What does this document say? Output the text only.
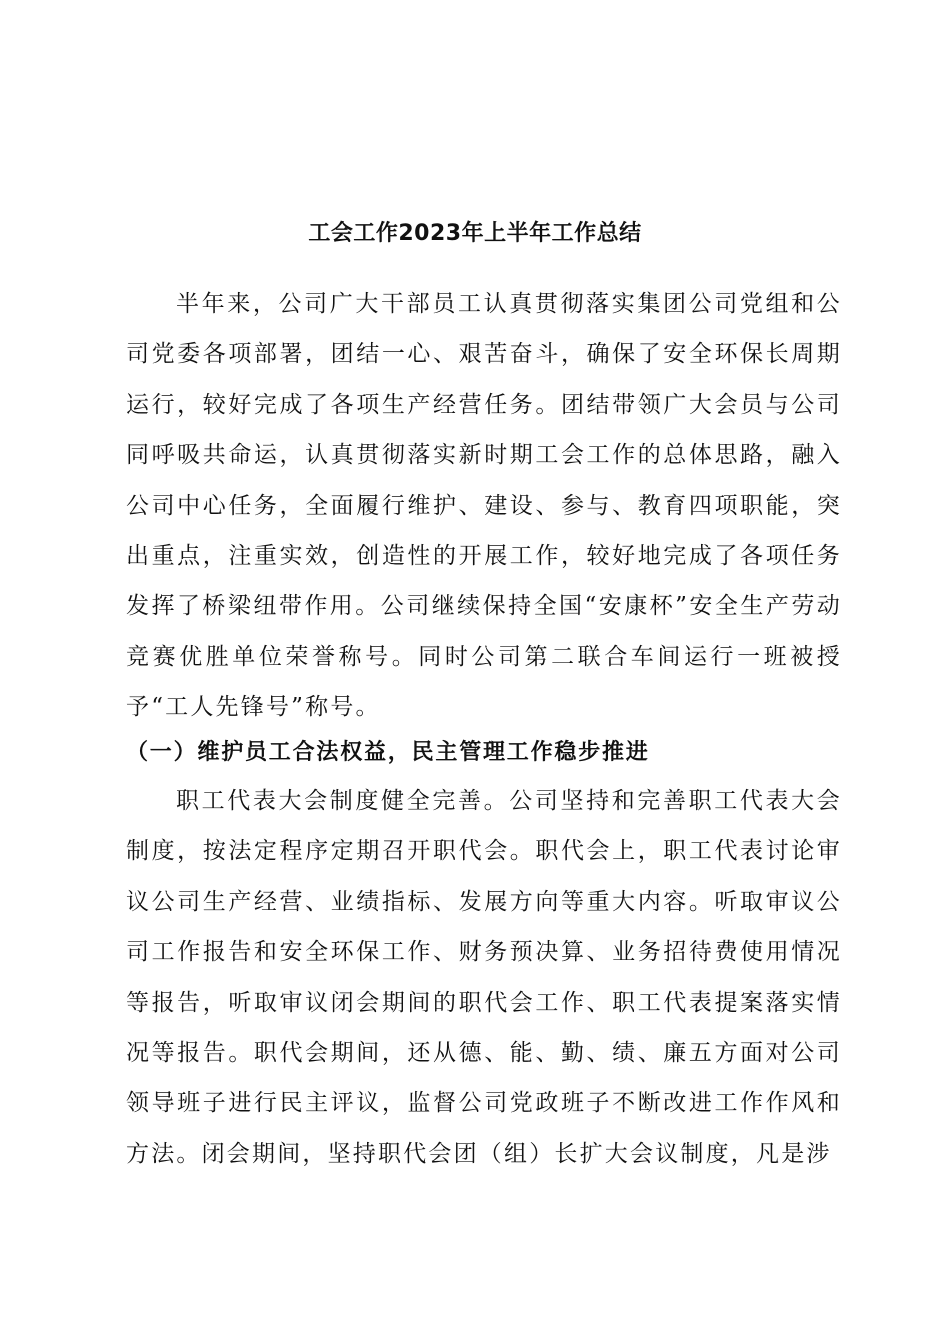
工会工作2023年上半年工作总结

半年来，公司广大干部员工认真贯彻落实集团公司党组和公司党委各项部署，团结一心、艰苦奋斗，确保了安全环保长周期运行，较好完成了各项生产经营任务。团结带领广大会员与公司同呼吸共命运，认真贯彻落实新时期工会工作的总体思路，融入公司中心任务，全面履行维护、建设、参与、教育四项职能，突出重点，注重实效，创造性的开展工作，较好地完成了各项任务发挥了桥梁纽带作用。公司继续保持全国“安康杯”安全生产劳动竞赛优胜单位荣誉称号。同时公司第二联合车间运行一班被授予“工人先锋号”称号。

（一）维护员工合法权益，民主管理工作稳步推进

职工代表大会制度健全完善。公司坚持和完善职工代表大会制度，按法定程序定期召开职代会。职代会上，职工代表讨论审议公司生产经营、业绩指标、发展方向等重大内容。听取审议公司工作报告和安全环保工作、财务预决算、业务招待费使用情况等报告，听取审议闭会期间的职代会工作、职工代表提案落实情况等报告。职代会期间，还从德、能、勤、绩、廉五方面对公司领导班子进行民主评议，监督公司党政班子不断改进工作作风和方法。闭会期间，坚持职代会团（组）长扩大会议制度，凡是涉
